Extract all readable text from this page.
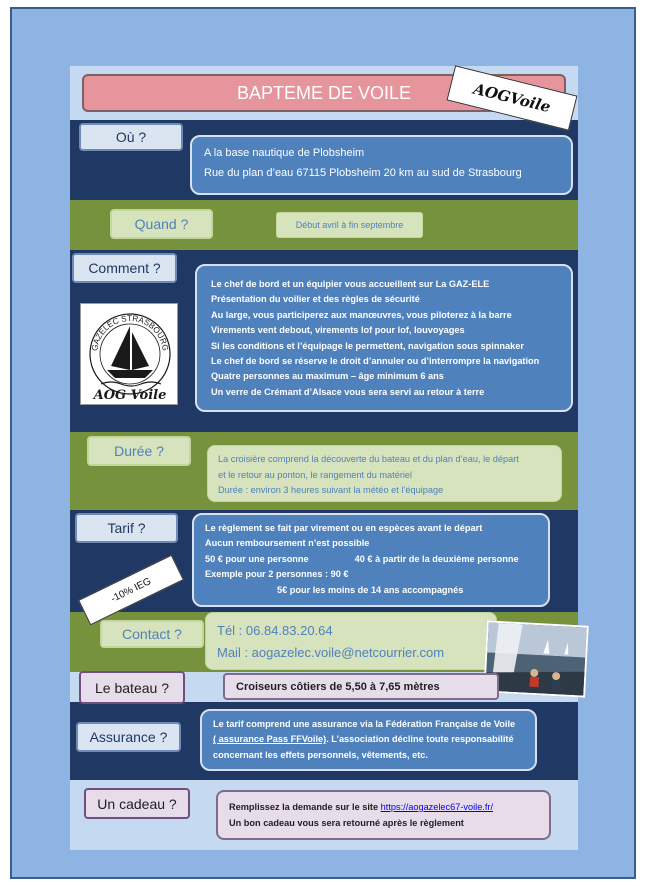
BAPTEME DE VOILE	AOGVoile
Où ?
A la base nautique de Plobsheim
Rue du plan d’eau 67115 Plobsheim 20 km au sud de Strasbourg
Quand ?	Début avril à fin septembre
Comment ?
GAZELEC STRASBOURG
AOG Voile
Le chef de bord et un équipier vous accueillent sur La GAZ-ELE
Présentation du voilier et des règles de sécurité
Au large, vous participerez aux manœuvres, vous piloterez à la barre
Virements vent debout, virements lof pour lof, louvoyages
Si les conditions et l’équipage le permettent, navigation sous spinnaker
Le chef de bord se réserve le droit d’annuler ou d’interrompre la navigation
Quatre personnes au maximum – âge minimum 6 ans
Un verre de Crémant d’Alsace vous sera servi au retour à terre
Durée ?	La croisière comprend la découverte du bateau et du plan d’eau, le départ
et le retour au ponton, le rangement du matériel
Durée : environ 3 heures suivant la météo et l’équipage
Tarif ?
-10% IEG
Le règlement se fait par virement ou en espèces avant le départ
Aucun remboursement n’est possible
50 € pour une personne	40 € à partir de la deuxième personne
Exemple pour 2 personnes : 90 €
5€ pour les moins de 14 ans accompagnés
Contact ?	Tél : 06.84.83.20.64
Mail : aogazelec.voile@netcourrier.com
Le bateau ?	Croiseurs côtiers de 5,50 à 7,65 mètres
Assurance ?
Le tarif comprend une assurance via la Fédération Française de Voile
( assurance Pass FFVoile). L’association décline toute responsabilité
concernant les effets personnels, vêtements, etc.
Un cadeau ?	Remplissez la demande sur le site https://aogazelec67-voile.fr/
Un bon cadeau vous sera retourné après le règlement
